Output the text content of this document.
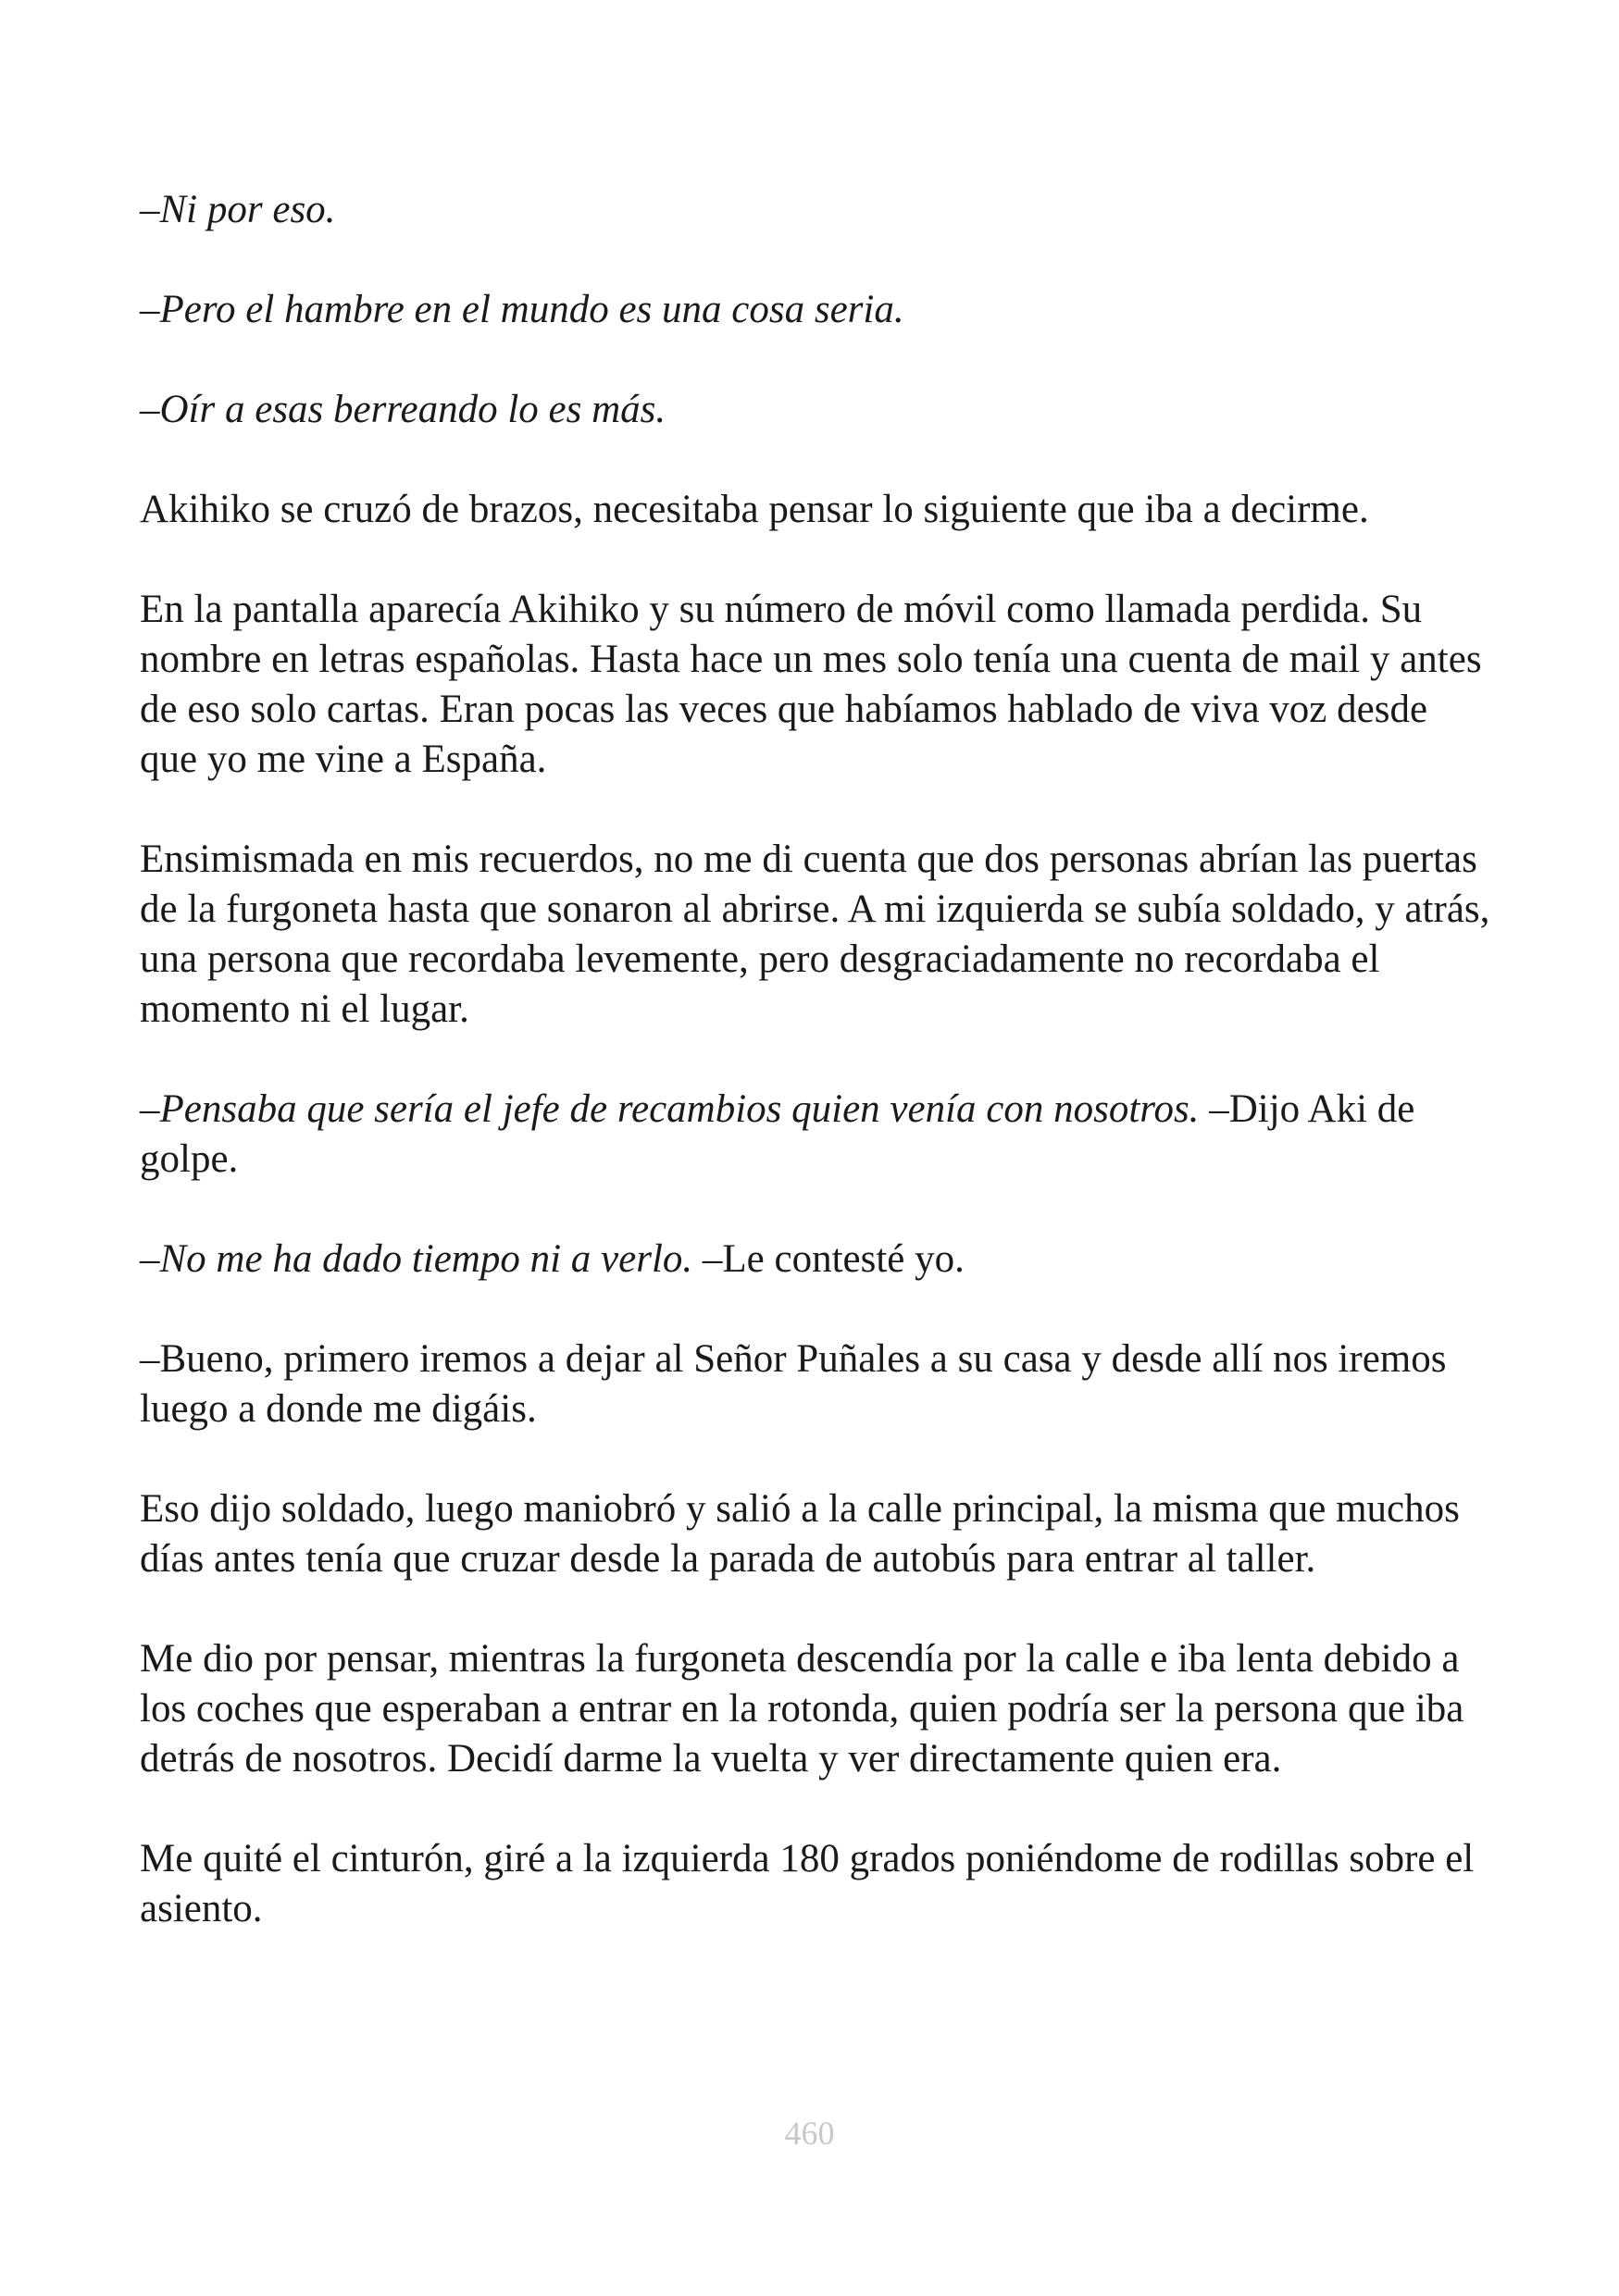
–Ni por eso.

–Pero el hambre en el mundo es una cosa seria.

–Oír a esas berreando lo es más.

Akihiko se cruzó de brazos, necesitaba pensar lo siguiente que iba a decirme.

En la pantalla aparecía Akihiko y su número de móvil como llamada perdida. Su nombre en letras españolas. Hasta hace un mes solo tenía una cuenta de mail y antes de eso solo cartas. Eran pocas las veces que habíamos hablado de viva voz desde que yo me vine a España.

Ensimismada en mis recuerdos, no me di cuenta que dos personas abrían las puertas de la furgoneta hasta que sonaron al abrirse. A mi izquierda se subía soldado, y atrás, una persona que recordaba levemente, pero desgraciadamente no recordaba el momento ni el lugar.

–Pensaba que sería el jefe de recambios quien venía con nosotros. –Dijo Aki de golpe.

–No me ha dado tiempo ni a verlo. –Le contesté yo.

–Bueno, primero iremos a dejar al Señor Puñales a su casa y desde allí nos iremos luego a donde me digáis.

Eso dijo soldado, luego maniobró y salió a la calle principal, la misma que muchos días antes tenía que cruzar desde la parada de autobús para entrar al taller.

Me dio por pensar, mientras la furgoneta descendía por la calle e iba lenta debido a los coches que esperaban a entrar en la rotonda, quien podría ser la persona que iba detrás de nosotros. Decidí darme la vuelta y ver directamente quien era.

Me quité el cinturón, giré a la izquierda 180 grados poniéndome de rodillas sobre el asiento.

460
